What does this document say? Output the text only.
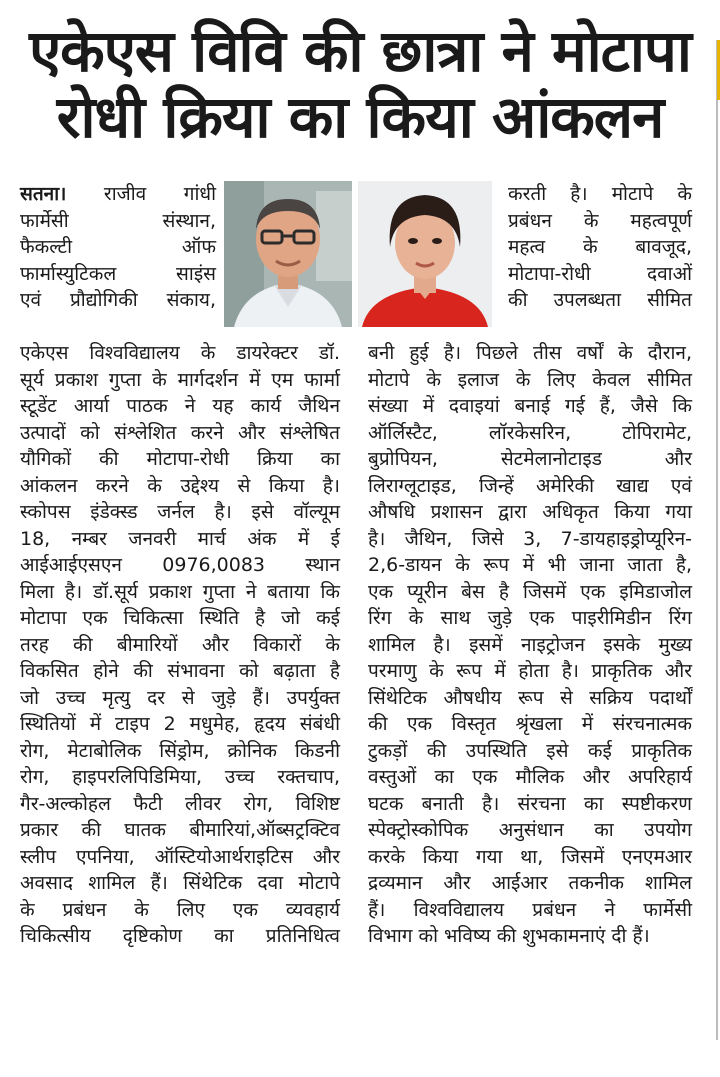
एकेएस विवि की छात्रा ने मोटापा
रोधी क्रिया का किया आंकलन
सतना। राजीव गांधी
फार्मेसी संस्थान,
फैकल्टी ऑफ
फार्मास्युटिकल साइंस
एवं प्रौद्योगिकी संकाय,
एकेएस विश्वविद्यालय के डायरेक्टर डॉ.
सूर्य प्रकाश गुप्ता के मार्गदर्शन में एम फार्मा
स्टूडेंट आर्या पाठक ने यह कार्य जैथिन
उत्पादों को संश्लेशित करने और संश्लेषित
यौगिकों की मोटापा-रोधी क्रिया का
आंकलन करने के उद्देश्य से किया है।
स्कोपस इंडेक्स्ड जर्नल है। इसे वॉल्यूम
18, नम्बर जनवरी मार्च अंक में ई
आईआईएसएन 0976,0083 स्थान
मिला है। डॉ.सूर्य प्रकाश गुप्ता ने बताया कि
मोटापा एक चिकित्सा स्थिति है जो कई
तरह की बीमारियों और विकारों के
विकसित होने की संभावना को बढ़ाता है
जो उच्च मृत्यु दर से जुड़े हैं। उपर्युक्त
स्थितियों में टाइप 2 मधुमेह, हृदय संबंधी
रोग, मेटाबोलिक सिंड्रोम, क्रोनिक किडनी
रोग, हाइपरलिपिडिमिया, उच्च रक्तचाप,
गैर-अल्कोहल फैटी लीवर रोग, विशिष्ट
प्रकार की घातक बीमारियां,ऑब्सट्रक्टिव
स्लीप एपनिया, ऑस्टियोआर्थराइटिस और
अवसाद शामिल हैं। सिंथेटिक दवा मोटापे
के प्रबंधन के लिए एक व्यवहार्य
चिकित्सीय दृष्टिकोण का प्रतिनिधित्व
करती है। मोटापे के
प्रबंधन के महत्वपूर्ण
महत्व के बावजूद,
मोटापा-रोधी दवाओं
की उपलब्धता सीमित
बनी हुई है। पिछले तीस वर्षों के दौरान,
मोटापे के इलाज के लिए केवल सीमित
संख्या में दवाइयां बनाई गई हैं, जैसे कि
ऑर्लिस्टैट, लॉरकेसरिन, टोपिरामेट,
बुप्रोपियन, सेटमेलानोटाइड और
लिराग्लूटाइड, जिन्हें अमेरिकी खाद्य एवं
औषधि प्रशासन द्वारा अधिकृत किया गया
है। जैथिन, जिसे 3, 7-डायहाइड्रोप्यूरिन-
2,6-डायन के रूप में भी जाना जाता है,
एक प्यूरीन बेस है जिसमें एक इमिडाजोल
रिंग के साथ जुड़े एक पाइरीमिडीन रिंग
शामिल है। इसमें नाइट्रोजन इसके मुख्य
परमाणु के रूप में होता है। प्राकृतिक और
सिंथेटिक औषधीय रूप से सक्रिय पदार्थों
की एक विस्तृत श्रृंखला में संरचनात्मक
टुकड़ों की उपस्थिति इसे कई प्राकृतिक
वस्तुओं का एक मौलिक और अपरिहार्य
घटक बनाती है। संरचना का स्पष्टीकरण
स्पेक्ट्रोस्कोपिक अनुसंधान का उपयोग
करके किया गया था, जिसमें एनएमआर
द्रव्यमान और आईआर तकनीक शामिल
हैं। विश्वविद्यालय प्रबंधन ने फार्मेसी
विभाग को भविष्य की शुभकामनाएं दी हैं।
